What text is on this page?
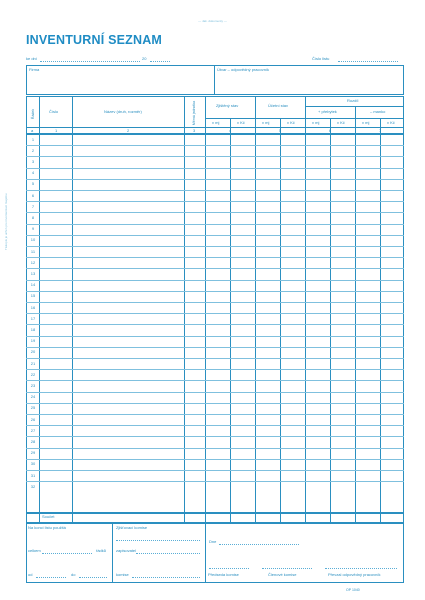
— Jak. dokumenty —
INVENTURNÍ SEZNAM
ke dni	20	Číslo listu
Firma	Útvar – odpovědný pracovník
Řádek	Číslo	Název (druh, rozměr)	Měrná jednotka	Zjištěný stav	Účetní stav
Rozdíl
+ přebytek	– manko
v mj	v Kč	v mj	v Kč	v mj	v Kč	v mj	v Kč
a	1	2	3	4	5	6	7
1
2
3
4
5
6
7
8
9
10
11
12
13
14
15
16
17
18
19
20
21
22
23
24
25
26
27
28
29
30
31
32
Součet
Na konci listu použitá
celkem	řádků
od	do
Zjišťovací komise
zapisovatel
komise
Dne
Předseda komise	Členové komise	Převzal odpovědný pracovník
OP 1040
Tiskopis je určen pro inventarizaci majetku
